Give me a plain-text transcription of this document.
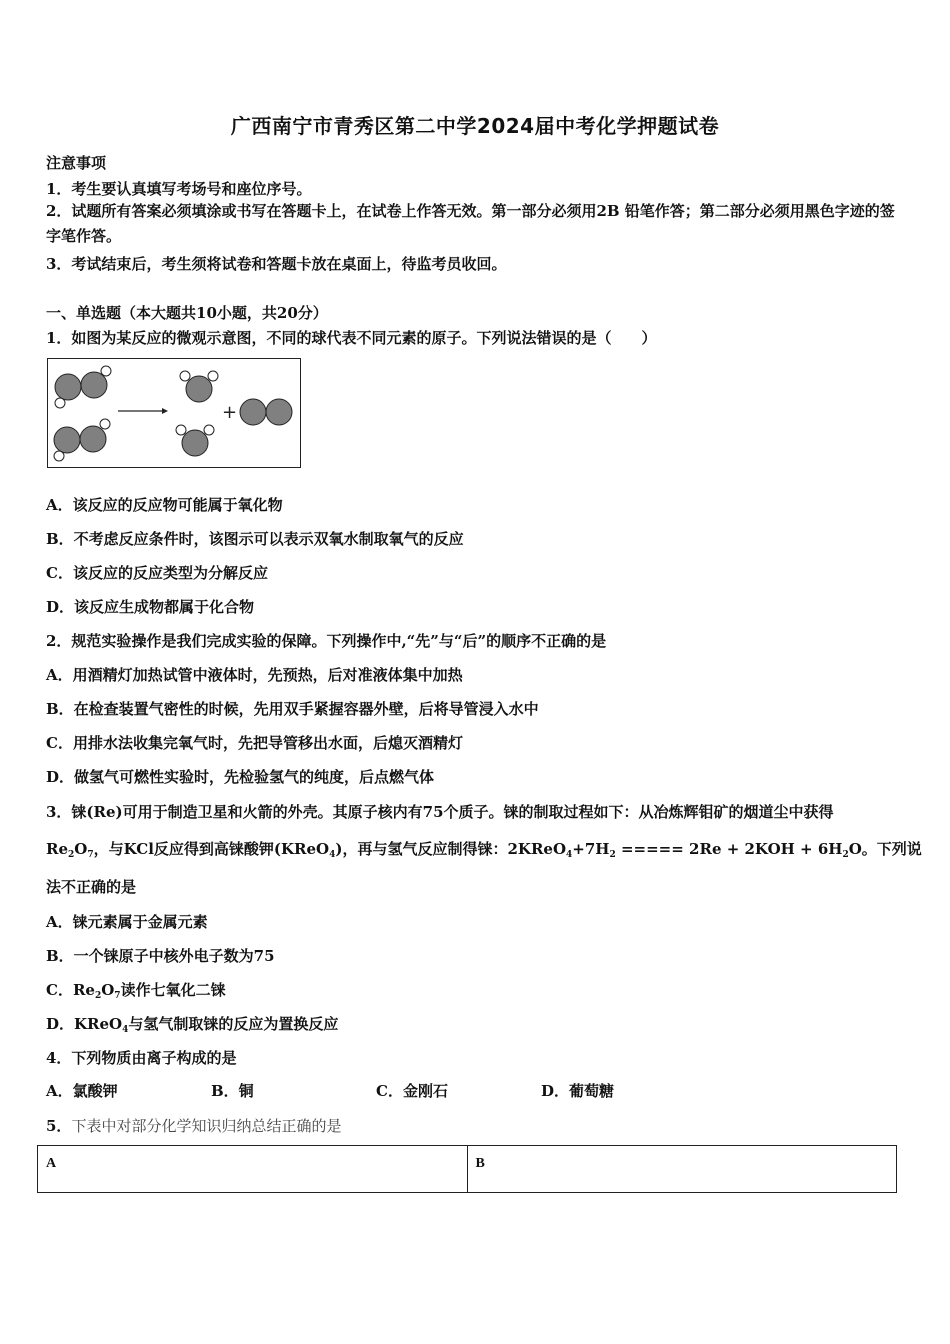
广西南宁市青秀区第二中学2024届中考化学押题试卷
注意事项
1．考生要认真填写考场号和座位序号。
2．试题所有答案必须填涂或书写在答题卡上，在试卷上作答无效。第一部分必须用2B 铅笔作答；第二部分必须用黑色字迹的签字笔作答。
3．考试结束后，考生须将试卷和答题卡放在桌面上，待监考员收回。
一、单选题（本大题共10小题，共20分）
1．如图为某反应的微观示意图，不同的球代表不同元素的原子。下列说法错误的是（　　）
+
A．该反应的反应物可能属于氧化物
B．不考虑反应条件时，该图示可以表示双氧水制取氧气的反应
C．该反应的反应类型为分解反应
D．该反应生成物都属于化合物
2．规范实验操作是我们完成实验的保障。下列操作中,“先”与“后”的顺序不正确的是
A．用酒精灯加热试管中液体时，先预热，后对准液体集中加热
B．在检查装置气密性的时候，先用双手紧握容器外壁，后将导管浸入水中
C．用排水法收集完氧气时，先把导管移出水面，后熄灭酒精灯
D．做氢气可燃性实验时，先检验氢气的纯度，后点燃气体
3．铼(Re)可用于制造卫星和火箭的外壳。其原子核内有75个质子。铼的制取过程如下：从冶炼辉钼矿的烟道尘中获得
$Re_2O_7$，与KCl反应得到高铼酸钾(KReO$_4$)，再与氢气反应制得铼：$2KReO_4+7H_2$ ===== $2Re + 2KOH + 6H_2O$。下列说
法不正确的是
A．铼元素属于金属元素
B．一个铼原子中核外电子数为75
C．$Re_2O_7$读作七氧化二铼
D．KReO$_4$与氢气制取铼的反应为置换反应
4．下列物质由离子构成的是
A．氯酸钾	B．铜	C．金刚石	D．葡萄糖
5．下表中对部分化学知识归纳总结正确的是
A	B
